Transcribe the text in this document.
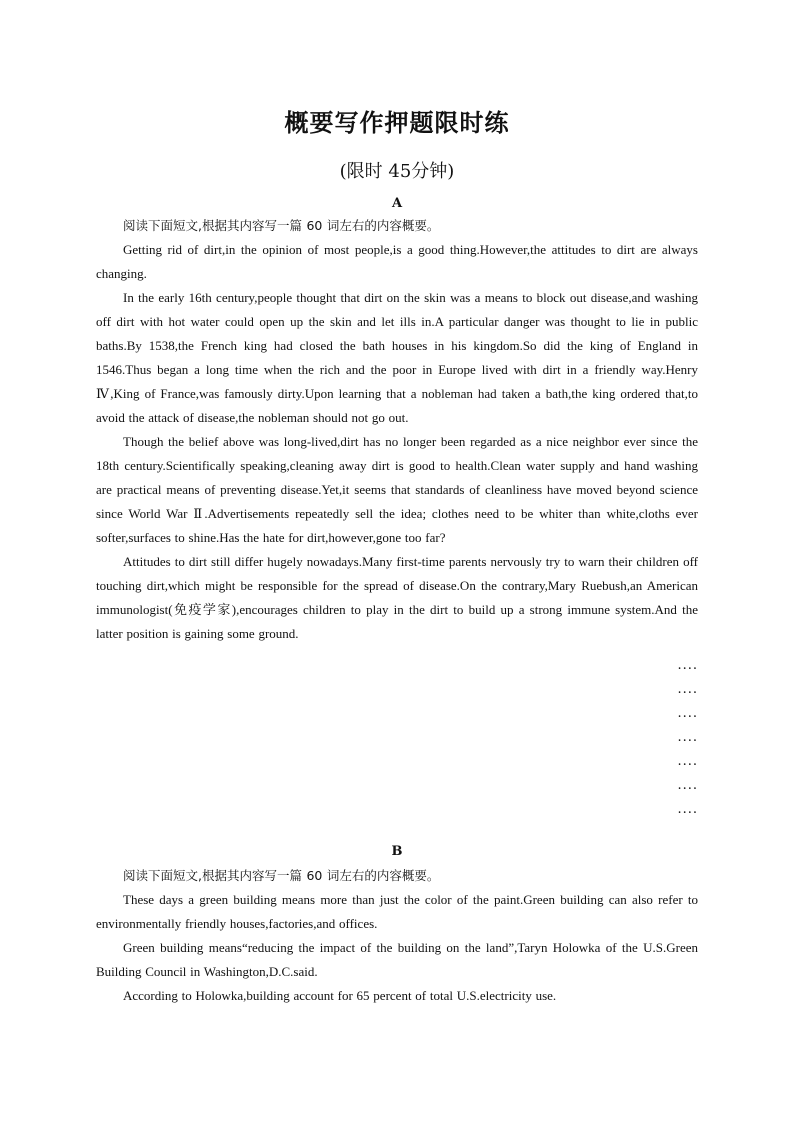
概要写作押题限时练
(限时 45分钟)
A

阅读下面短文,根据其内容写一篇 60 词左右的内容概要。

Getting rid of dirt,in the opinion of most people,is a good thing.However,the attitudes to dirt are always changing.

In the early 16th century,people thought that dirt on the skin was a means to block out disease,and washing off dirt with hot water could open up the skin and let ills in.A particular danger was thought to lie in public baths.By 1538,the French king had closed the bath houses in his kingdom.So did the king of England in 1546.Thus began a long time when the rich and the poor in Europe lived with dirt in a friendly way.Henry Ⅳ,King of France,was famously dirty.Upon learning that a nobleman had taken a bath,the king ordered that,to avoid the attack of disease,the nobleman should not go out.

Though the belief above was long-lived,dirt has no longer been regarded as a nice neighbor ever since the 18th century.Scientifically speaking,cleaning away dirt is good to health.Clean water supply and hand washing are practical means of preventing disease.Yet,it seems that standards of cleanliness have moved beyond science since World War Ⅱ.Advertisements repeatedly sell the idea; clothes need to be whiter than white,cloths ever softer,surfaces to shine.Has the hate for dirt,however,gone too far?

Attitudes to dirt still differ hugely nowadays.Many first-time parents nervously try to warn their children off touching dirt,which might be responsible for the spread of disease.On the contrary,Mary Ruebush,an American immunologist(免疫学家),encourages children to play in the dirt to build up a strong immune system.And the latter position is gaining some ground.

....
....
....
....
....
....
....
B

阅读下面短文,根据其内容写一篇 60 词左右的内容概要。

These days a green building means more than just the color of the paint.Green building can also refer to environmentally friendly houses,factories,and offices.

Green building means“reducing the impact of the building on the land”,Taryn Holowka of the U.S.Green Building Council in Washington,D.C.said.

According to Holowka,building account for 65 percent of total U.S.electricity use.
